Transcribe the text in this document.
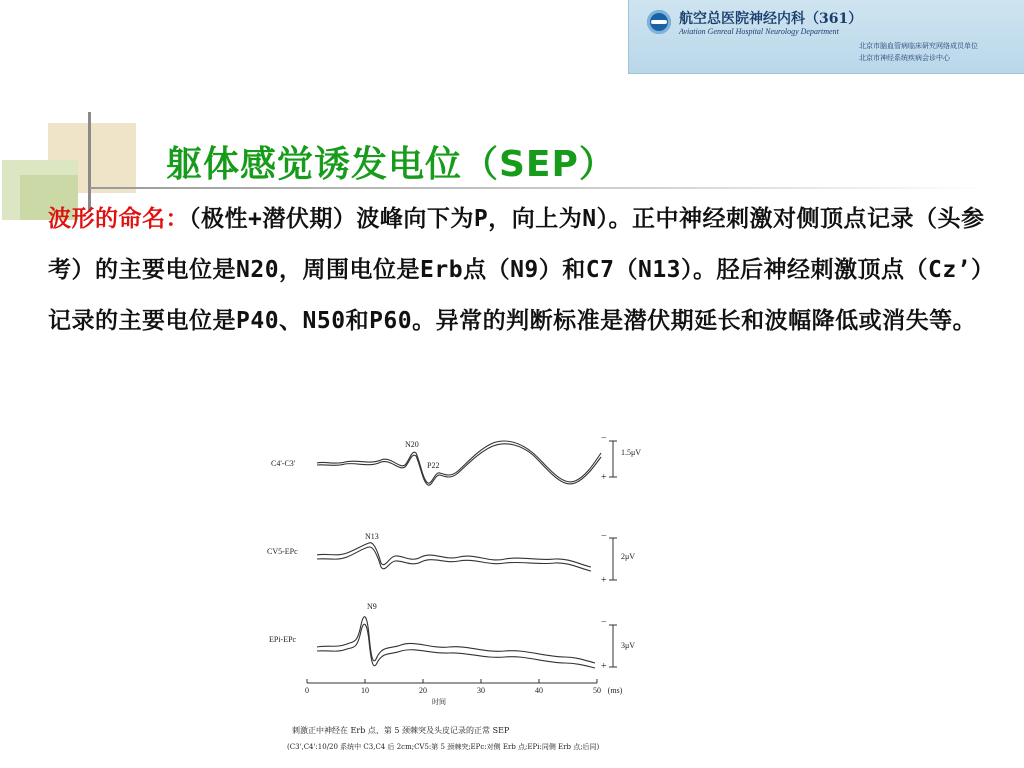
航空总医院神经内科（361）
Aviation Genreal Hospital Neurology Department
北京市脑血管病临床研究网络成员单位
北京市神经系统疾病会诊中心
躯体感觉诱发电位（SEP）
波形的命名：（极性+潜伏期）波峰向下为P，向上为N）。正中神经刺激对侧顶点记录（头参考）的主要电位是N20，周围电位是Erb点（N9）和C7（N13）。胫后神经刺激顶点（Cz’）记录的主要电位是P40、N50和P60。异常的判断标准是潜伏期延长和波幅降低或消失等。
C4'-C3'
CV5-EPc
EPi-EPc
N20
P22
N13
N9
−
1.5μV
+
−
2μV
+
−
3μV
+
0	10	20	30	40	50 (ms)
时间
刺激正中神经在 Erb 点、第 5 颈棘突及头皮记录的正常 SEP
(C3',C4':10/20 系统中 C3,C4 后 2cm;CV5:第 5 颈棘突;EPc:对侧 Erb 点;EPi:同侧 Erb 点;后同)
